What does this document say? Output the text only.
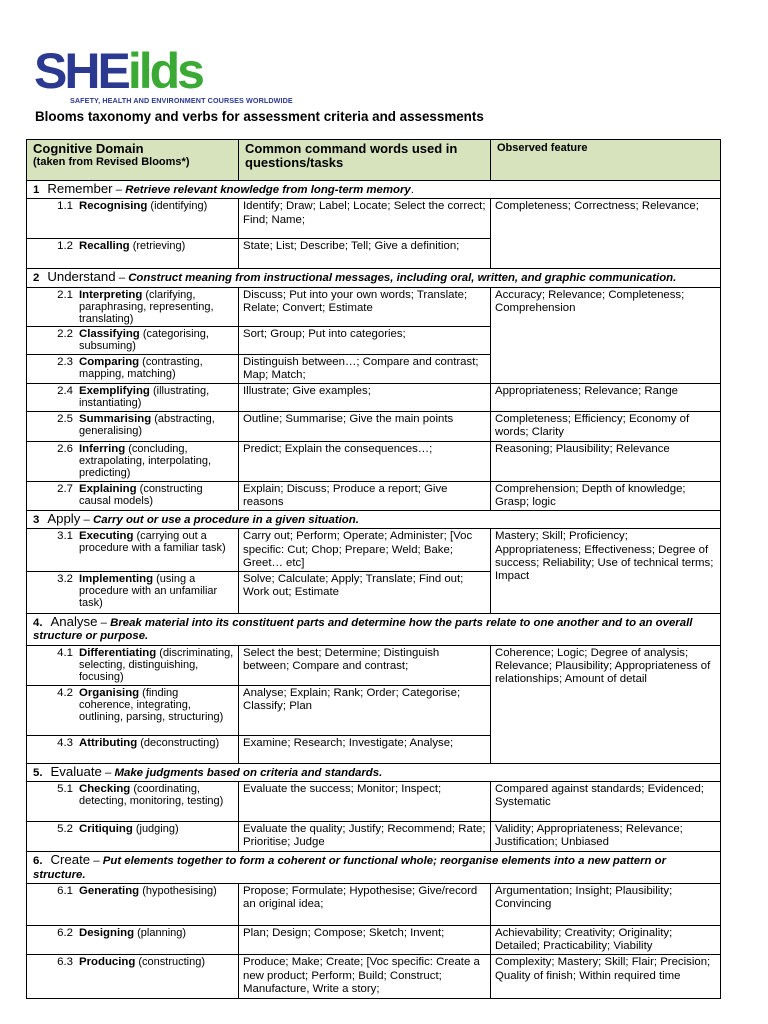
SHEilds
SAFETY, HEALTH AND ENVIRONMENT COURSES WORLDWIDE
Blooms taxonomy and verbs for assessment criteria and assessments
Cognitive Domain
(taken from Revised Blooms*)	Common command words used in questions/tasks	Observed feature

1 Remember – Retrieve relevant knowledge from long-term memory.		

1.1 Recognising (identifying)	Identify; Draw; Label; Locate; Select the correct; Find; Name;	Completeness; Correctness; Relevance;

1.2 Recalling (retrieving)	State; List; Describe; Tell; Give a definition;	
2 Understand – Construct meaning from instructional messages, including oral, written, and graphic communication.		

2.1 Interpreting (clarifying, paraphrasing, representing, translating)	Discuss; Put into your own words; Translate; Relate; Convert; Estimate	Accuracy; Relevance; Completeness; Comprehension

2.2 Classifying (categorising, subsuming)	Sort; Group; Put into categories;	

2.3 Comparing (contrasting, mapping, matching)	Distinguish between…; Compare and contrast; Map; Match;	

2.4 Exemplifying (illustrating, instantiating)	Illustrate; Give examples;	Appropriateness; Relevance; Range

2.5 Summarising (abstracting, generalising)	Outline; Summarise; Give the main points	Completeness; Efficiency; Economy of words; Clarity

2.6 Inferring (concluding, extrapolating, interpolating, predicting)	Predict; Explain the consequences…;	Reasoning; Plausibility; Relevance

2.7 Explaining (constructing causal models)	Explain; Discuss; Produce a report; Give reasons	Comprehension; Depth of knowledge; Grasp; logic
3 Apply – Carry out or use a procedure in a given situation.		

3.1 Executing (carrying out a procedure with a familiar task)	Carry out; Perform; Operate; Administer; [Voc specific: Cut; Chop; Prepare; Weld; Bake; Greet… etc]	Mastery; Skill; Proficiency; Appropriateness; Effectiveness; Degree of success; Reliability; Use of technical terms; Impact

3.2 Implementing (using a procedure with an unfamiliar task)	Solve; Calculate; Apply; Translate; Find out; Work out; Estimate	
4. Analyse – Break material into its constituent parts and determine how the parts relate to one another and to an overall structure or purpose.		

4.1 Differentiating (discriminating, selecting, distinguishing, focusing)	Select the best; Determine; Distinguish between; Compare and contrast;	Coherence; Logic; Degree of analysis; Relevance; Plausibility; Appropriateness of relationships; Amount of detail

4.2 Organising (finding coherence, integrating, outlining, parsing, structuring)	Analyse; Explain; Rank; Order; Categorise; Classify; Plan	

4.3 Attributing (deconstructing)	Examine; Research; Investigate; Analyse;	
5. Evaluate – Make judgments based on criteria and standards.		

5.1 Checking (coordinating, detecting, monitoring, testing)	Evaluate the success; Monitor; Inspect;	Compared against standards; Evidenced; Systematic

5.2 Critiquing (judging)	Evaluate the quality; Justify; Recommend; Rate; Prioritise; Judge	Validity; Appropriateness; Relevance; Justification; Unbiased
6. Create – Put elements together to form a coherent or functional whole; reorganise elements into a new pattern or structure.		

6.1 Generating (hypothesising)	Propose; Formulate; Hypothesise; Give/record an original idea;	Argumentation; Insight; Plausibility; Convincing

6.2 Designing (planning)	Plan; Design; Compose; Sketch; Invent;	Achievability; Creativity; Originality; Detailed; Practicability; Viability

6.3 Producing (constructing)	Produce; Make; Create; [Voc specific: Create a new product; Perform; Build; Construct; Manufacture, Write a story;	Complexity; Mastery; Skill; Flair; Precision; Quality of finish; Within required time
